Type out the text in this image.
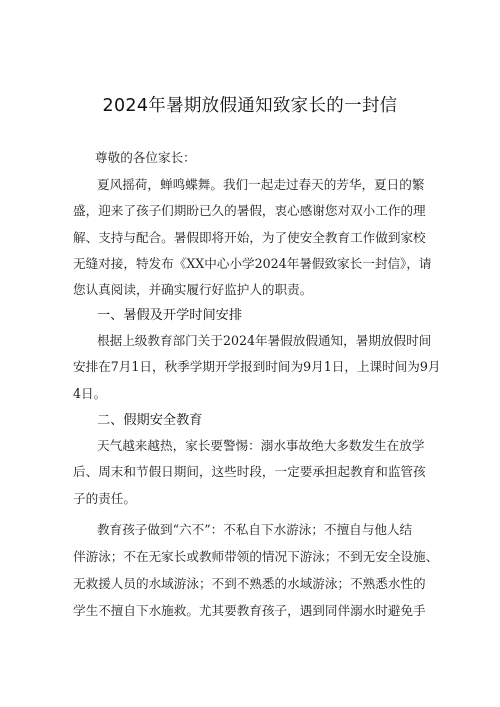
2024年暑期放假通知致家长的一封信
尊敬的各位家长：
夏风摇荷，蝉鸣蝶舞。我们一起走过春天的芳华，夏日的繁
盛，迎来了孩子们期盼已久的暑假，衷心感谢您对双小工作的理
解、支持与配合。暑假即将开始，为了使安全教育工作做到家校
无缝对接，特发布《XX中心小学2024年暑假致家长一封信》，请
您认真阅读，并确实履行好监护人的职责。
一、暑假及开学时间安排
根据上级教育部门关于2024年暑假放假通知，暑期放假时间
安排在7月1日，秋季学期开学报到时间为9月1日，上课时间为9月
4日。
二、假期安全教育
天气越来越热，家长要警惕：溺水事故绝大多数发生在放学
后、周末和节假日期间，这些时段，一定要承担起教育和监管孩
子的责任。
教育孩子做到“六不”：不私自下水游泳；不擅自与他人结
伴游泳；不在无家长或教师带领的情况下游泳；不到无安全设施、
无救援人员的水域游泳；不到不熟悉的水域游泳；不熟悉水性的
学生不擅自下水施救。尤其要教育孩子，遇到同伴溺水时避免手
